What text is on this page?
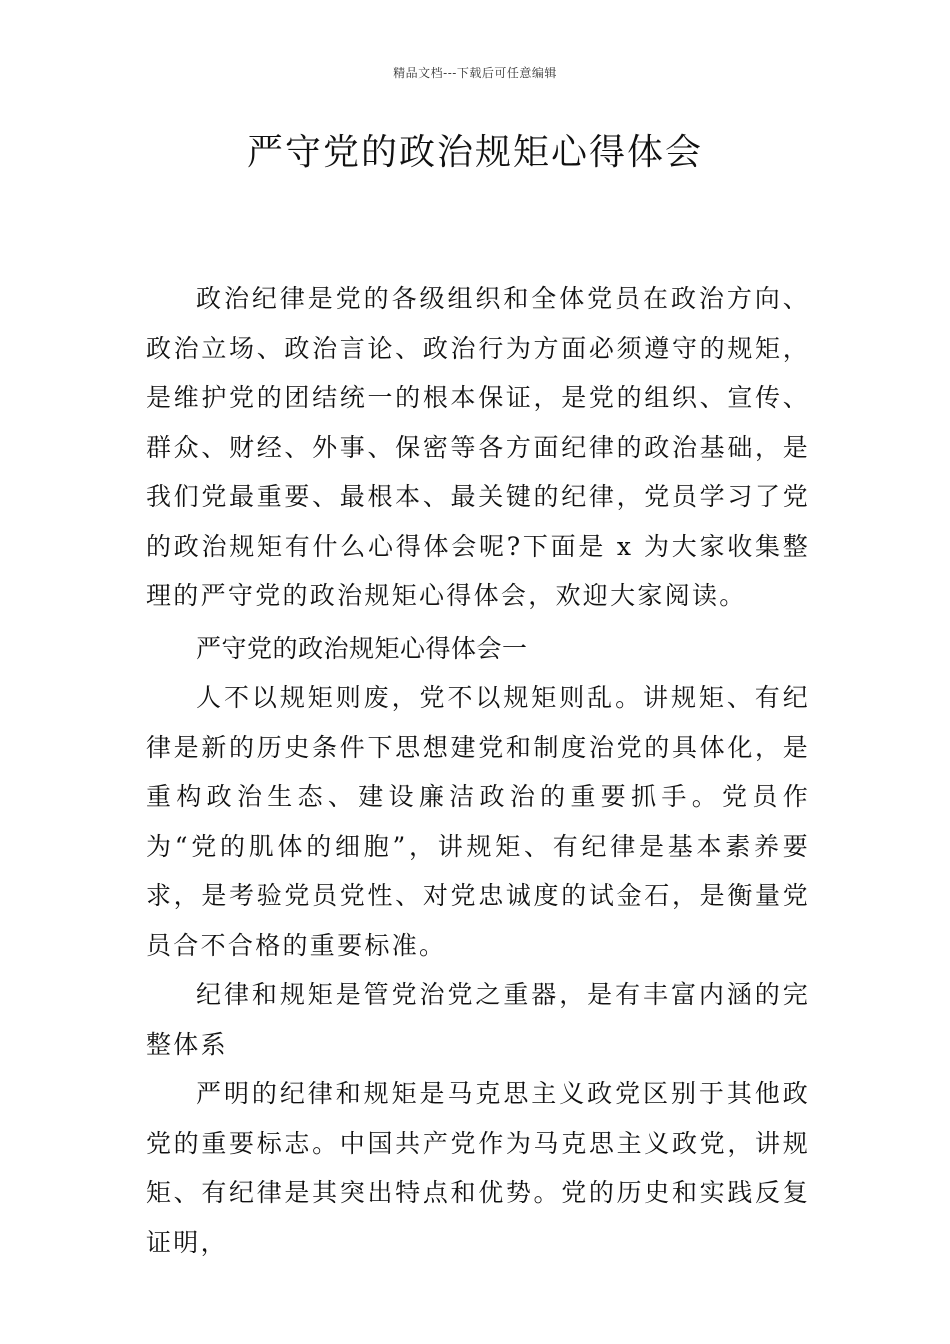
精品文档---下载后可任意编辑
严守党的政治规矩心得体会

政治纪律是党的各级组织和全体党员在政治方向、政治立场、政治言论、政治行为方面必须遵守的规矩，是维护党的团结统一的根本保证，是党的组织、宣传、群众、财经、外事、保密等各方面纪律的政治基础，是我们党最重要、最根本、最关键的纪律，党员学习了党的政治规矩有什么心得体会呢?下面是 x 为大家收集整理的严守党的政治规矩心得体会，欢迎大家阅读。

严守党的政治规矩心得体会一

人不以规矩则废，党不以规矩则乱。讲规矩、有纪律是新的历史条件下思想建党和制度治党的具体化，是重构政治生态、建设廉洁政治的重要抓手。党员作为“党的肌体的细胞”，讲规矩、有纪律是基本素养要求，是考验党员党性、对党忠诚度的试金石，是衡量党员合不合格的重要标准。

纪律和规矩是管党治党之重器，是有丰富内涵的完整体系

严明的纪律和规矩是马克思主义政党区别于其他政党的重要标志。中国共产党作为马克思主义政党，讲规矩、有纪律是其突出特点和优势。党的历史和实践反复证明，
